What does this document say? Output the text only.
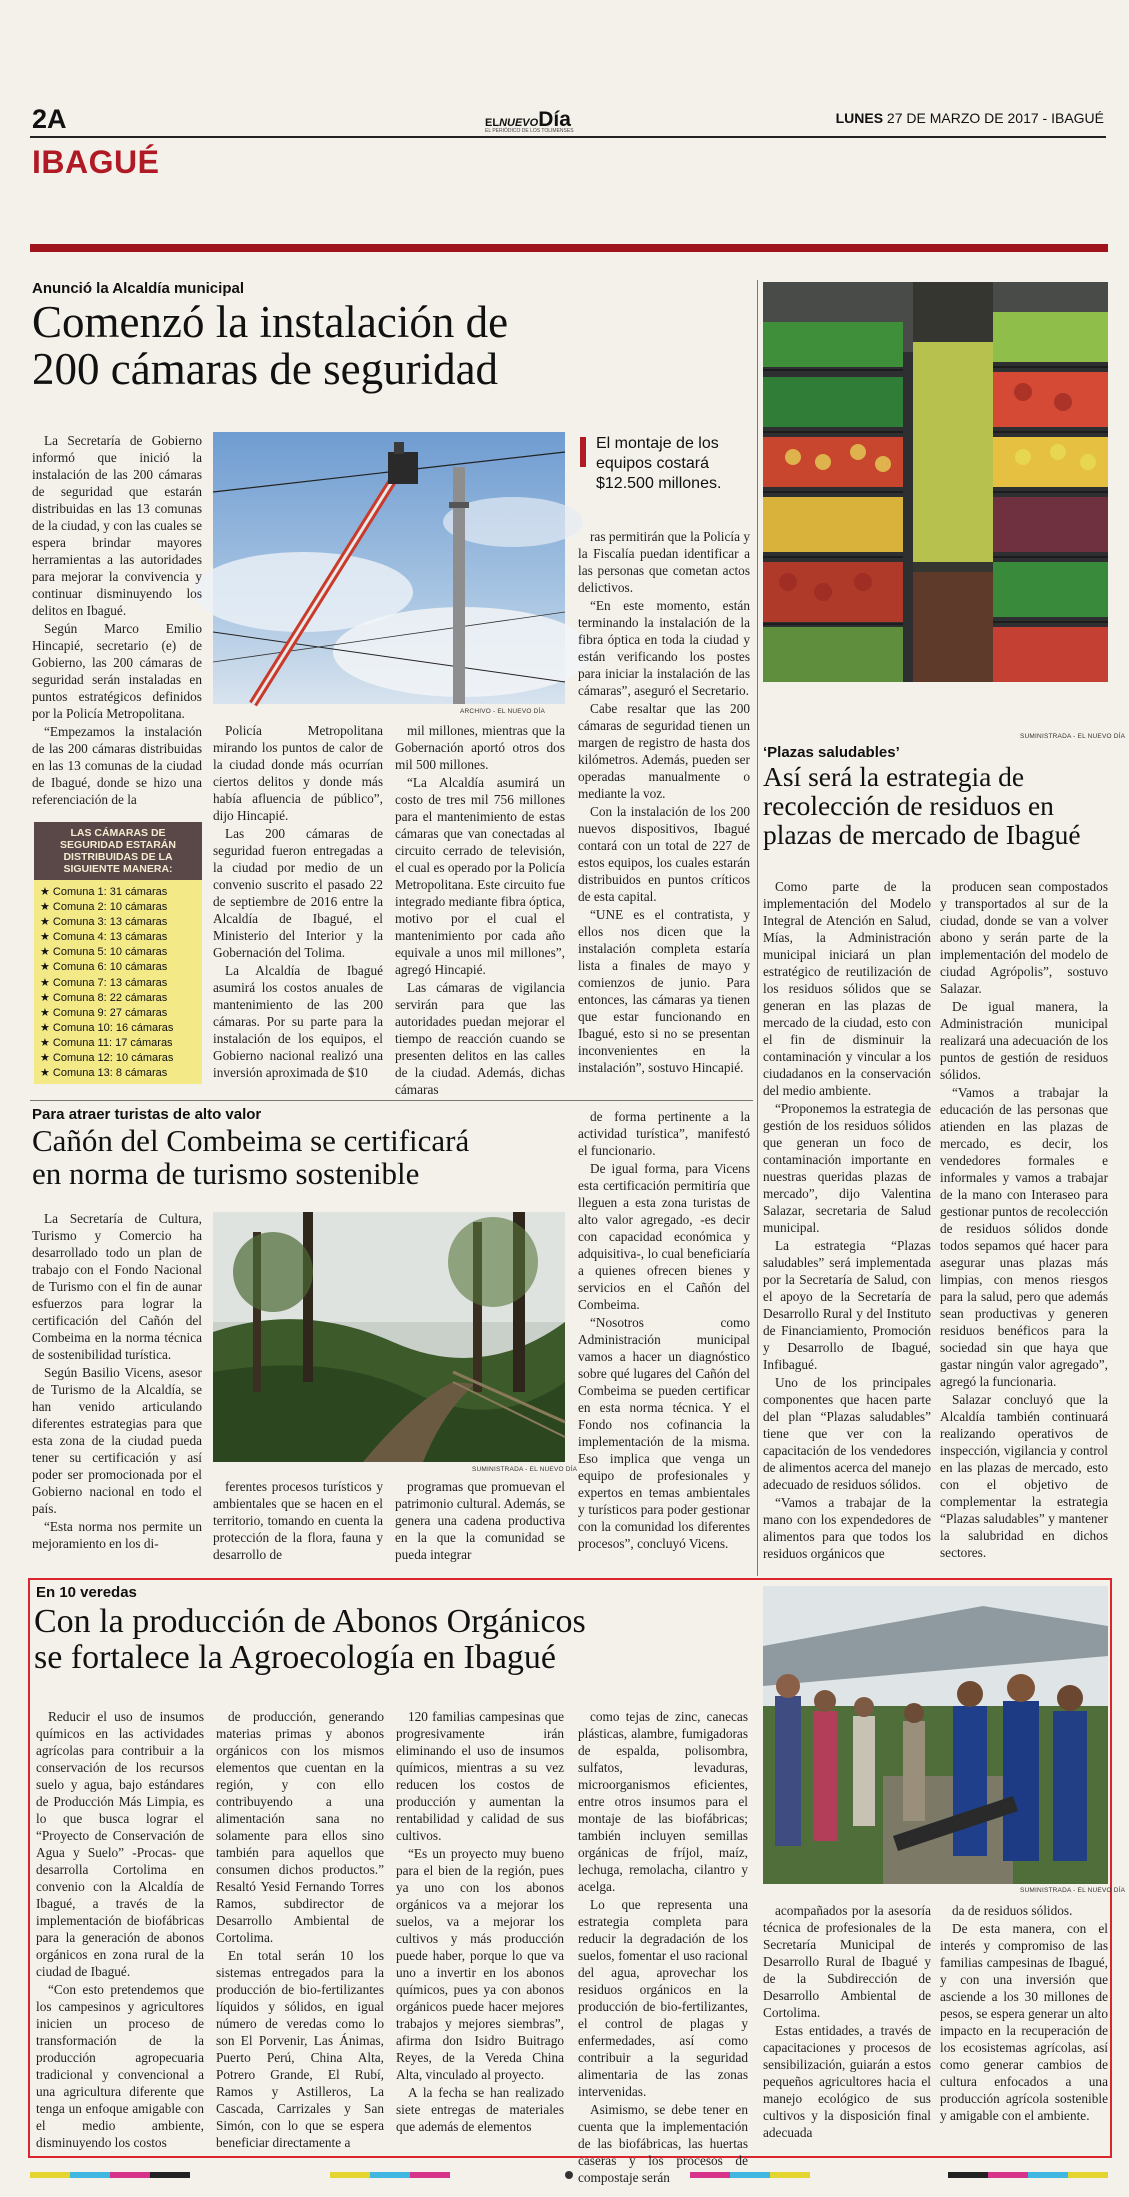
2A	ELNUEVODía
EL PERIÓDICO DE LOS TOLIMENSES
LUNES 27 DE MARZO DE 2017 - IBAGUÉ
IBAGUÉ
Anunció la Alcaldía municipal
Comenzó la instalación de
200 cámaras de seguridad
ARCHIVO - EL NUEVO DÍA
El montaje de los equipos costará $12.500 millones.

La Secretaría de Gobierno informó que inició la instalación de las 200 cámaras de seguridad que estarán distribuidas en las 13 comunas de la ciudad, y con las cuales se espera brindar mayores herramientas a las autoridades para mejorar la convivencia y continuar disminuyendo los delitos en Ibagué.

Según Marco Emilio Hincapié, secretario (e) de Gobierno, las 200 cámaras de seguridad serán instaladas en puntos estratégicos definidos por la Policía Metropolitana.

“Empezamos la instalación de las 200 cámaras distribuidas en las 13 comunas de la ciudad de Ibagué, donde se hizo una referenciación de la

LAS CÁMARAS DE SEGURIDAD ESTARÁN DISTRIBUIDAS DE LA SIGUIENTE MANERA:
★ Comuna 1: 31 cámaras
★ Comuna 2: 10 cámaras
★ Comuna 3: 13 cámaras
★ Comuna 4: 13 cámaras
★ Comuna 5: 10 cámaras
★ Comuna 6: 10 cámaras
★ Comuna 7: 13 cámaras
★ Comuna 8: 22 cámaras
★ Comuna 9: 27 cámaras
★ Comuna 10: 16 cámaras
★ Comuna 11: 17 cámaras
★ Comuna 12: 10 cámaras
★ Comuna 13: 8 cámaras

Policía Metropolitana mirando los puntos de calor de la ciudad donde más ocurrían ciertos delitos y donde más había afluencia de público”, dijo Hincapié.

Las 200 cámaras de seguridad fueron entregadas a la ciudad por medio de un convenio suscrito el pasado 22 de septiembre de 2016 entre la Alcaldía de Ibagué, el Ministerio del Interior y la Gobernación del Tolima.

La Alcaldía de Ibagué asumirá los costos anuales de mantenimiento de las 200 cámaras. Por su parte para la instalación de los equipos, el Gobierno nacional realizó una inversión aproximada de $10

mil millones, mientras que la Gobernación aportó otros dos mil 500 millones.

“La Alcaldía asumirá un costo de tres mil 756 millones para el mantenimiento de estas cámaras que van conectadas al circuito cerrado de televisión, el cual es operado por la Policía Metropolitana. Este circuito fue integrado mediante fibra óptica, motivo por el cual el mantenimiento por cada año equivale a unos mil millones”, agregó Hincapié.

Las cámaras de vigilancia servirán para que las autoridades puedan mejorar el tiempo de reacción cuando se presenten delitos en las calles de la ciudad. Además, dichas cámaras

ras permitirán que la Policía y la Fiscalía puedan identificar a las personas que cometan actos delictivos.

“En este momento, están terminando la instalación de la fibra óptica en toda la ciudad y están verificando los postes para iniciar la instalación de las cámaras”, aseguró el Secretario.

Cabe resaltar que las 200 cámaras de seguridad tienen un margen de registro de hasta dos kilómetros. Además, pueden ser operadas manualmente o mediante la voz.

Con la instalación de los 200 nuevos dispositivos, Ibagué contará con un total de 227 de estos equipos, los cuales estarán distribuidos en puntos críticos de esta capital.

“UNE es el contratista, y ellos nos dicen que la instalación completa estaría lista a finales de mayo y comienzos de junio. Para entonces, las cámaras ya tienen que estar funcionando en Ibagué, esto si no se presentan inconvenientes en la instalación”, sostuvo Hincapié.

SUMINISTRADA - EL NUEVO DÍA
‘Plazas saludables’
Así será la estrategia de
recolección de residuos en
plazas de mercado de Ibagué

Como parte de la implementación del Modelo Integral de Atención en Salud, Mías, la Administración municipal iniciará un plan estratégico de reutilización de los residuos sólidos que se generan en las plazas de mercado de la ciudad, esto con el fin de disminuir la contaminación y vincular a los ciudadanos en la conservación del medio ambiente.

“Proponemos la estrategia de gestión de los residuos sólidos que generan un foco de contaminación importante en nuestras queridas plazas de mercado”, dijo Valentina Salazar, secretaria de Salud municipal.

La estrategia “Plazas saludables” será implementada por la Secretaría de Salud, con el apoyo de la Secretaría de Desarrollo Rural y del Instituto de Financiamiento, Promoción y Desarrollo de Ibagué, Infibagué.

Uno de los principales componentes que hacen parte del plan “Plazas saludables” tiene que ver con la capacitación de los vendedores de alimentos acerca del manejo adecuado de residuos sólidos.

“Vamos a trabajar de la mano con los expendedores de alimentos para que todos los residuos orgánicos que

producen sean compostados y transportados al sur de la ciudad, donde se van a volver abono y serán parte de la implementación del modelo de ciudad Agrópolis”, sostuvo Salazar.

De igual manera, la Administración municipal realizará una adecuación de los puntos de gestión de residuos sólidos.

“Vamos a trabajar la educación de las personas que atienden en las plazas de mercado, es decir, los vendedores formales e informales y vamos a trabajar de la mano con Interaseo para gestionar puntos de recolección de residuos sólidos donde todos sepamos qué hacer para asegurar unas plazas más limpias, con menos riesgos para la salud, pero que además sean productivas y generen residuos benéficos para la sociedad sin que haya que gastar ningún valor agregado”, agregó la funcionaria.

Salazar concluyó que la Alcaldía también continuará realizando operativos de inspección, vigilancia y control en las plazas de mercado, esto con el objetivo de complementar la estrategia “Plazas saludables” y mantener la salubridad en dichos sectores.

Para atraer turistas de alto valor
Cañón del Combeima se certificará
en norma de turismo sostenible

La Secretaría de Cultura, Turismo y Comercio ha desarrollado todo un plan de trabajo con el Fondo Nacional de Turismo con el fin de aunar esfuerzos para lograr la certificación del Cañón del Combeima en la norma técnica de sostenibilidad turística.

Según Basilio Vicens, asesor de Turismo de la Alcaldía, se han venido articulando diferentes estrategias para que esta zona de la ciudad pueda tener su certificación y así poder ser promocionada por el Gobierno nacional en todo el país.

“Esta norma nos permite un mejoramiento en los di-

SUMINISTRADA - EL NUEVO DÍA

ferentes procesos turísticos y ambientales que se hacen en el territorio, tomando en cuenta la protección de la flora, fauna y desarrollo de

programas que promuevan el patrimonio cultural. Además, se genera una cadena productiva en la que la comunidad se pueda integrar

de forma pertinente a la actividad turística”, manifestó el funcionario.

De igual forma, para Vicens esta certificación permitiría que lleguen a esta zona turistas de alto valor agregado, -es decir con capacidad económica y adquisitiva-, lo cual beneficiaría a quienes ofrecen bienes y servicios en el Cañón del Combeima.

“Nosotros como Administración municipal vamos a hacer un diagnóstico sobre qué lugares del Cañón del Combeima se pueden certificar en esta norma técnica. Y el Fondo nos cofinancia la implementación de la misma. Eso implica que venga un equipo de profesionales y expertos en temas ambientales y turísticos para poder gestionar con la comunidad los diferentes procesos”, concluyó Vicens.

En 10 veredas
Con la producción de Abonos Orgánicos
se fortalece la Agroecología en Ibagué
SUMINISTRADA - EL NUEVO DÍA

Reducir el uso de insumos químicos en las actividades agrícolas para contribuir a la conservación de los recursos suelo y agua, bajo estándares de Producción Más Limpia, es lo que busca lograr el “Proyecto de Conservación de Agua y Suelo” -Procas- que desarrolla Cortolima en convenio con la Alcaldía de Ibagué, a través de la implementación de biofábricas para la generación de abonos orgánicos en zona rural de la ciudad de Ibagué.

“Con esto pretendemos que los campesinos y agricultores inicien un proceso de transformación de la producción agropecuaria tradicional y convencional a una agricultura diferente que tenga un enfoque amigable con el medio ambiente, disminuyendo los costos

de producción, generando materias primas y abonos orgánicos con los mismos elementos que cuentan en la región, y con ello contribuyendo a una alimentación sana no solamente para ellos sino también para aquellos que consumen dichos productos.” Resaltó Yesid Fernando Torres Ramos, subdirector de Desarrollo Ambiental de Cortolima.

En total serán 10 los sistemas entregados para la producción de bio-fertilizantes líquidos y sólidos, en igual número de veredas como lo son El Porvenir, Las Ánimas, Puerto Perú, China Alta, Potrero Grande, El Rubí, Ramos y Astilleros, La Cascada, Carrizales y San Simón, con lo que se espera beneficiar directamente a

120 familias campesinas que progresivamente irán eliminando el uso de insumos químicos, mientras a su vez reducen los costos de producción y aumentan la rentabilidad y calidad de sus cultivos.

“Es un proyecto muy bueno para el bien de la región, pues ya uno con los abonos orgánicos va a mejorar los suelos, va a mejorar los cultivos y más producción puede haber, porque lo que va uno a invertir en los abonos químicos, pues ya con abonos orgánicos puede hacer mejores trabajos y mejores siembras”, afirma don Isidro Buitrago Reyes, de la Vereda China Alta, vinculado al proyecto.

A la fecha se han realizado siete entregas de materiales que además de elementos

como tejas de zinc, canecas plásticas, alambre, fumigadoras de espalda, polisombra, sulfatos, levaduras, microorganismos eficientes, entre otros insumos para el montaje de las biofábricas; también incluyen semillas orgánicas de fríjol, maíz, lechuga, remolacha, cilantro y acelga.

Lo que representa una estrategia completa para reducir la degradación de los suelos, fomentar el uso racional del agua, aprovechar los residuos orgánicos en la producción de bio-fertilizantes, el control de plagas y enfermedades, así como contribuir a la seguridad alimentaria de las zonas intervenidas.

Asimismo, se debe tener en cuenta que la implementación de las biofábricas, las huertas caseras y los procesos de compostaje serán

acompañados por la asesoría técnica de profesionales de la Secretaría Municipal de Desarrollo Rural de Ibagué y de la Subdirección de Desarrollo Ambiental de Cortolima.

Estas entidades, a través de capacitaciones y procesos de sensibilización, guiarán a estos pequeños agricultores hacia el manejo ecológico de sus cultivos y la disposición final adecuada

da de residuos sólidos.

De esta manera, con el interés y compromiso de las familias campesinas de Ibagué, y con una inversión que asciende a los 30 millones de pesos, se espera generar un alto impacto en la recuperación de los ecosistemas agrícolas, así como generar cambios de cultura enfocados a una producción agrícola sostenible y amigable con el ambiente.
